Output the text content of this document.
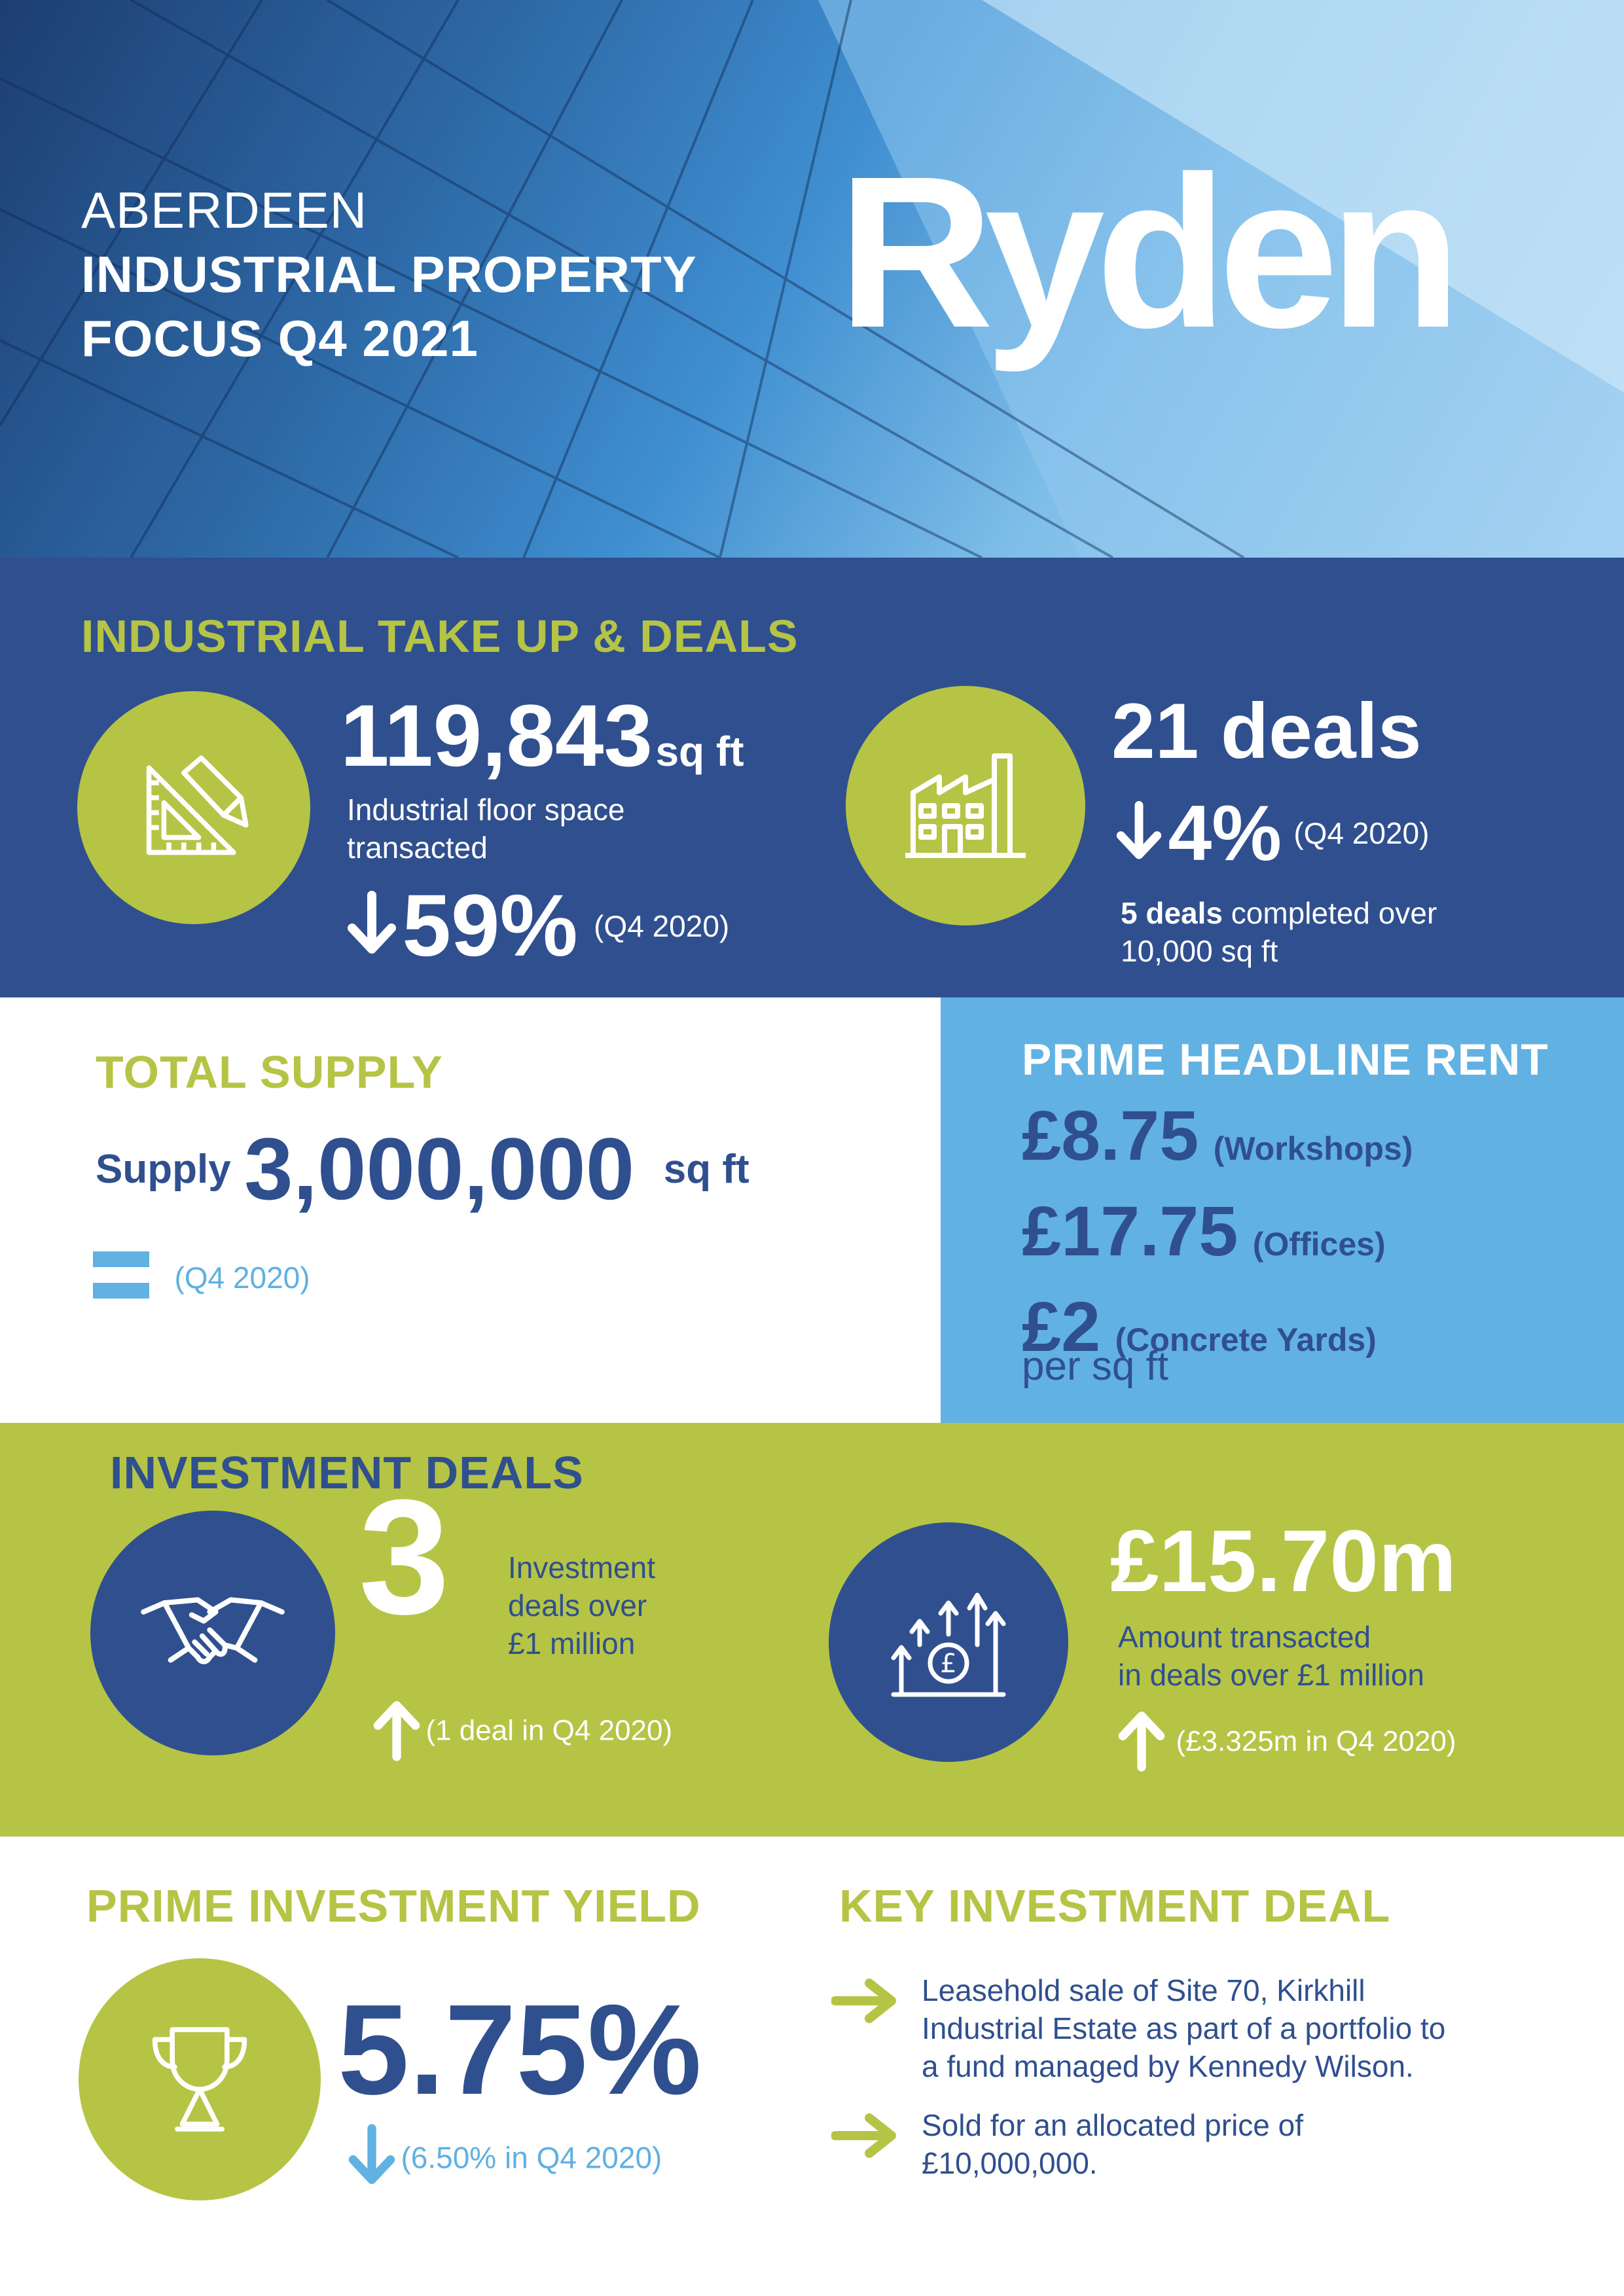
ABERDEEN
INDUSTRIAL PROPERTY
FOCUS Q4 2021	Ryden
INDUSTRIAL TAKE UP & DEALS
119,843 sq ft
Industrial floor space
transacted
59% (Q4 2020)
21 deals
4% (Q4 2020)
5 deals completed over
10,000 sq ft
TOTAL SUPPLY
Supply 3,000,000 sq ft
(Q4 2020)
PRIME HEADLINE RENT
£8.75 (Workshops)
£17.75 (Offices)
£2 (Concrete Yards)
per sq ft
INVESTMENT DEALS
3 Investment
deals over
£1 million
(1 deal in Q4 2020)
£
£15.70m
Amount transacted
in deals over £1 million
(£3.325m in Q4 2020)
PRIME INVESTMENT YIELD
5.75%
(6.50% in Q4 2020)
KEY INVESTMENT DEAL
Leasehold sale of Site 70, Kirkhill
Industrial Estate as part of a portfolio to
a fund managed by Kennedy Wilson.
Sold for an allocated price of
£10,000,000.
